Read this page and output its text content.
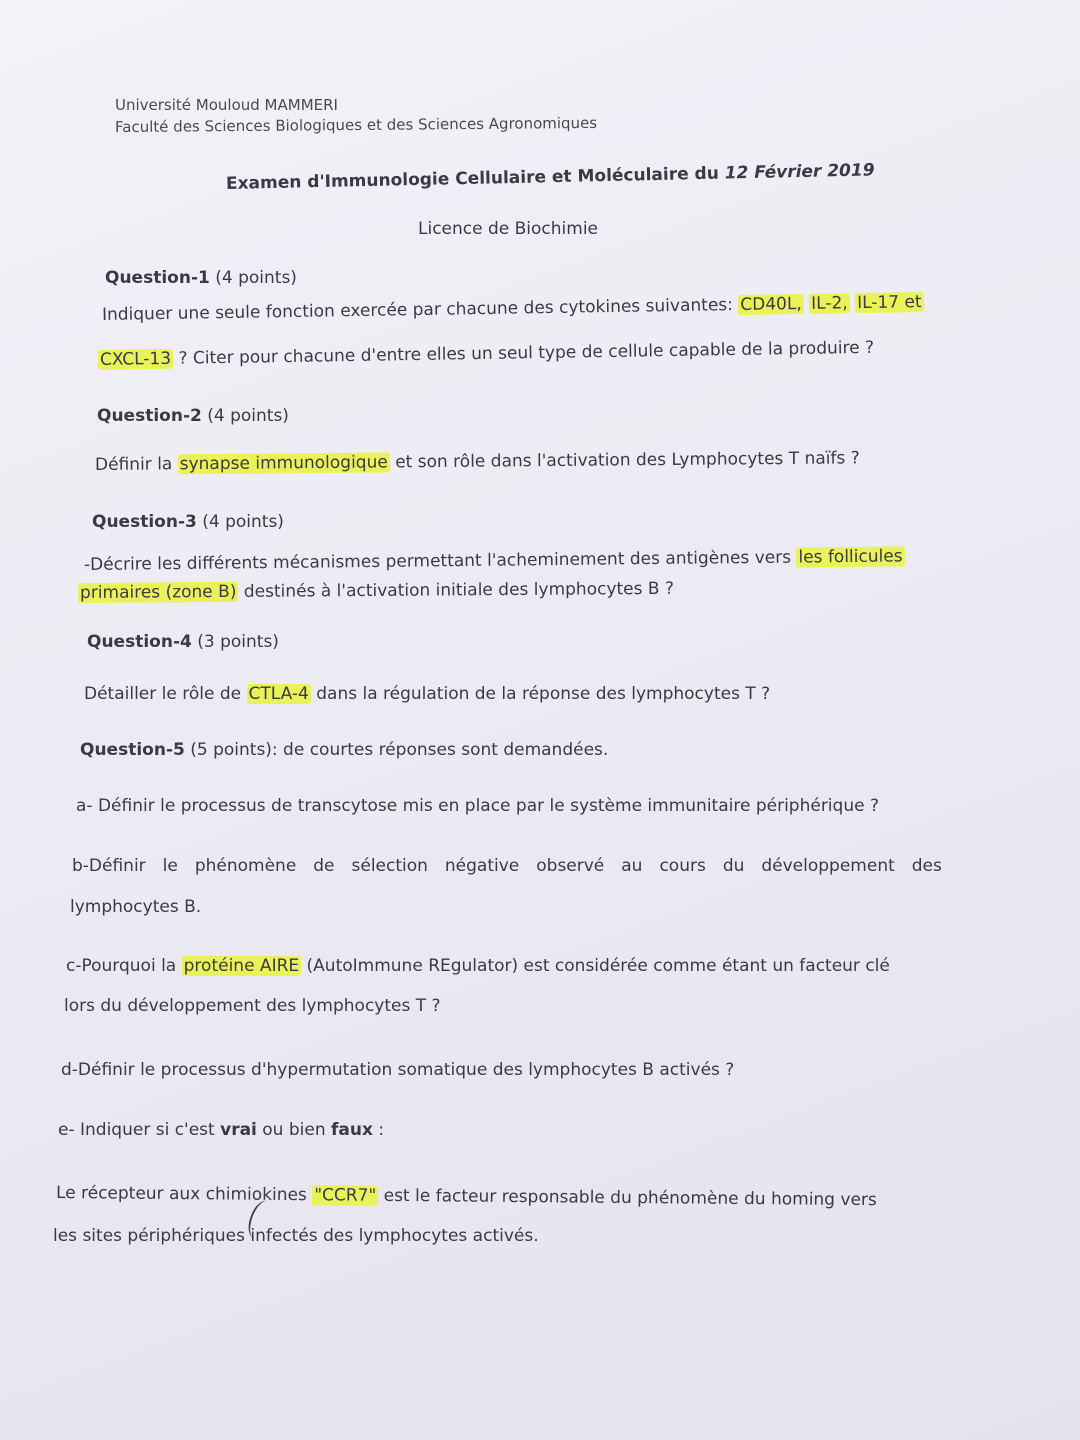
Université Mouloud MAMMERI
Faculté des Sciences Biologiques et des Sciences Agronomiques
Examen d'Immunologie Cellulaire et Moléculaire du 12 Février 2019
Licence de Biochimie
Question-1 (4 points)
Indiquer une seule fonction exercée par chacune des cytokines suivantes: CD40L, IL-2, IL-17 et
CXCL-13 ? Citer pour chacune d'entre elles un seul type de cellule capable de la produire ?
Question-2 (4 points)
Définir la synapse immunologique et son rôle dans l'activation des Lymphocytes T naïfs ?
Question-3 (4 points)
-Décrire les différents mécanismes permettant l'acheminement des antigènes vers les follicules
primaires (zone B) destinés à l'activation initiale des lymphocytes B ?
Question-4 (3 points)
Détailler le rôle de CTLA-4 dans la régulation de la réponse des lymphocytes T ?
Question-5 (5 points): de courtes réponses sont demandées.
a- Définir le processus de transcytose mis en place par le système immunitaire périphérique ?
b-Définir le phénomène de sélection négative observé au cours du développement des
lymphocytes B.
c-Pourquoi la protéine AIRE (AutoImmune REgulator) est considérée comme étant un facteur clé
lors du développement des lymphocytes T ?
d-Définir le processus d'hypermutation somatique des lymphocytes B activés ?
e- Indiquer si c'est vrai ou bien faux :
Le récepteur aux chimiokines "CCR7" est le facteur responsable du phénomène du homing vers
les sites périphériques infectés des lymphocytes activés.
